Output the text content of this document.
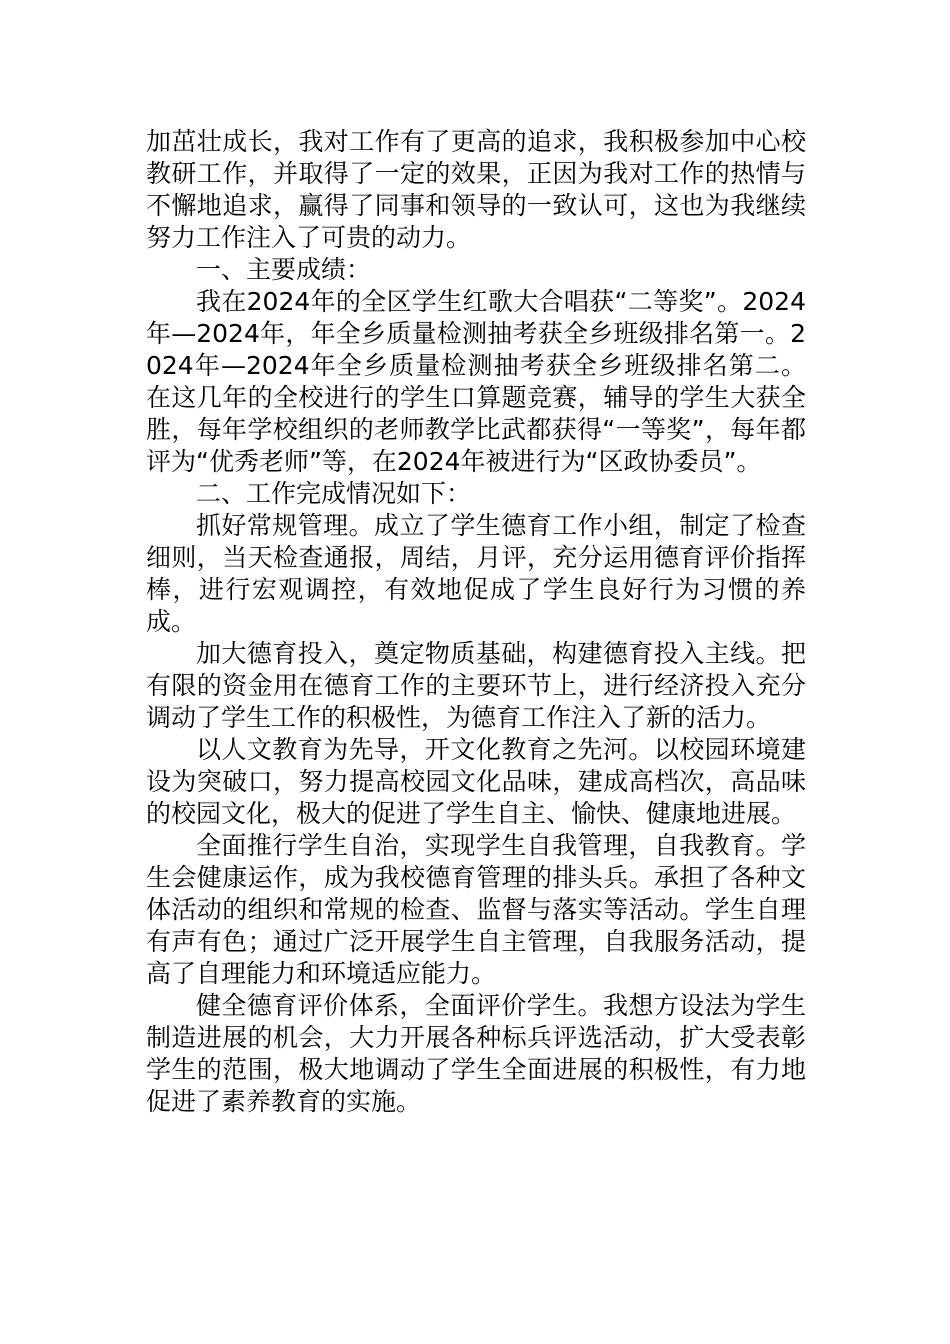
加茁壮成长，我对工作有了更高的追求，我积极参加中心校教研工作，并取得了一定的效果，正因为我对工作的热情与不懈地追求，赢得了同事和领导的一致认可，这也为我继续努力工作注入了可贵的动力。

一、主要成绩：

我在2024年的全区学生红歌大合唱获“二等奖”。2024年—2024年，年全乡质量检测抽考获全乡班级排名第一。2024年—2024年全乡质量检测抽考获全乡班级排名第二。在这几年的全校进行的学生口算题竞赛，辅导的学生大获全胜，每年学校组织的老师教学比武都获得“一等奖”，每年都评为“优秀老师”等，在2024年被进行为“区政协委员”。

二、工作完成情况如下：

抓好常规管理。成立了学生德育工作小组，制定了检查细则，当天检查通报，周结，月评，充分运用德育评价指挥棒，进行宏观调控，有效地促成了学生良好行为习惯的养成。

加大德育投入，奠定物质基础，构建德育投入主线。把有限的资金用在德育工作的主要环节上，进行经济投入充分调动了学生工作的积极性，为德育工作注入了新的活力。

以人文教育为先导，开文化教育之先河。以校园环境建设为突破口，努力提高校园文化品味，建成高档次，高品味的校园文化，极大的促进了学生自主、愉快、健康地进展。

全面推行学生自治，实现学生自我管理，自我教育。学生会健康运作，成为我校德育管理的排头兵。承担了各种文体活动的组织和常规的检查、监督与落实等活动。学生自理有声有色；通过广泛开展学生自主管理，自我服务活动，提高了自理能力和环境适应能力。

健全德育评价体系，全面评价学生。我想方设法为学生制造进展的机会，大力开展各种标兵评选活动，扩大受表彰学生的范围，极大地调动了学生全面进展的积极性，有力地促进了素养教育的实施。
